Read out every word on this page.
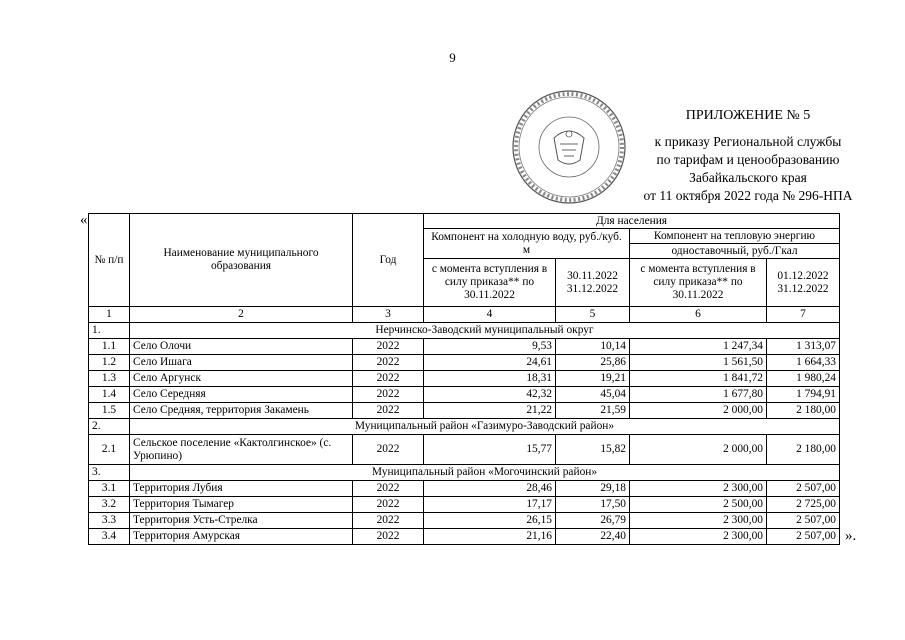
9
ПРИЛОЖЕНИЕ № 5
к приказу Региональной службы
по тарифам и ценообразованию
Забайкальского края
от 11 октября 2022 года № 296-НПА
«
».
№ п/п	Наименование муниципального образования	Год	Для населения			
			Компонент на холодную воду, руб./куб. м		Компонент на тепловую энергию	
					одноставочный, руб./Гкал	
			с момента вступления в силу приказа** по 30.11.2022	30.11.2022 31.12.2022	с момента вступления в силу приказа** по 30.11.2022	01.12.2022 31.12.2022
1	2	3	4	5	6	7
1.	Нерчинско-Заводский муниципальный округ					
1.1	Село Олочи	2022	9,53	10,14	1 247,34	1 313,07
1.2	Село Ишага	2022	24,61	25,86	1 561,50	1 664,33
1.3	Село Аргунск	2022	18,31	19,21	1 841,72	1 980,24
1.4	Село Середняя	2022	42,32	45,04	1 677,80	1 794,91
1.5	Село Средняя, территория Закамень	2022	21,22	21,59	2 000,00	2 180,00
2.	Муниципальный район «Газимуро-Заводский район»					
2.1	Сельское поселение «Кактолгинское» (с. Урюпино)	2022	15,77	15,82	2 000,00	2 180,00
3.	Муниципальный район «Могочинский район»					
3.1	Территория Лубия	2022	28,46	29,18	2 300,00	2 507,00
3.2	Территория Тымагер	2022	17,17	17,50	2 500,00	2 725,00
3.3	Территория Усть-Стрелка	2022	26,15	26,79	2 300,00	2 507,00
3.4	Территория Амурская	2022	21,16	22,40	2 300,00	2 507,00
